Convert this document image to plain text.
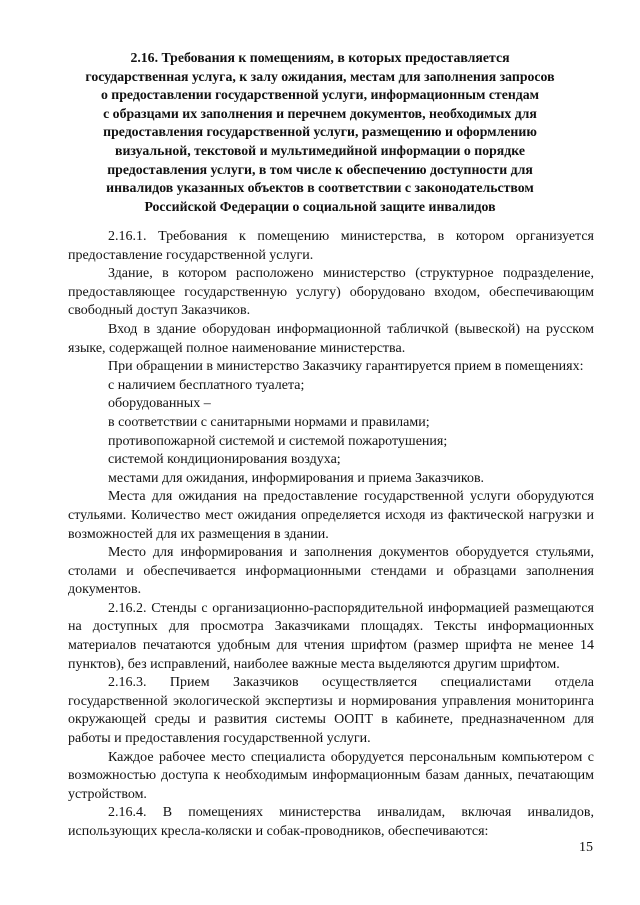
2.16. Требования к помещениям, в которых предоставляется
государственная услуга, к залу ожидания, местам для заполнения запросов
о предоставлении государственной услуги, информационным стендам
с образцами их заполнения и перечнем документов, необходимых для
предоставления государственной услуги, размещению и оформлению
визуальной, текстовой и мультимедийной информации о порядке
предоставления услуги, в том числе к обеспечению доступности для
инвалидов указанных объектов в соответствии с законодательством
Российской Федерации о социальной защите инвалидов

2.16.1. Требования к помещению министерства, в котором организуется предоставление государственной услуги.

Здание, в котором расположено министерство (структурное подразделение, предоставляющее государственную услугу) оборудовано входом, обеспечивающим свободный доступ Заказчиков.

Вход в здание оборудован информационной табличкой (вывеской) на русском языке, содержащей полное наименование министерства.

При обращении в министерство Заказчику гарантируется прием в помещениях:

с наличием бесплатного туалета;

оборудованных –

в соответствии с санитарными нормами и правилами;

противопожарной системой и системой пожаротушения;

системой кондиционирования воздуха;

местами для ожидания, информирования и приема Заказчиков.

Места для ожидания на предоставление государственной услуги оборудуются стульями. Количество мест ожидания определяется исходя из фактической нагрузки и возможностей для их размещения в здании.

Место для информирования и заполнения документов оборудуется стульями, столами и обеспечивается информационными стендами и образцами заполнения документов.

2.16.2. Стенды с организационно-распорядительной информацией размещаются на доступных для просмотра Заказчиками площадях. Тексты информационных материалов печатаются удобным для чтения шрифтом (размер шрифта не менее 14 пунктов), без исправлений, наиболее важные места выделяются другим шрифтом.

2.16.3. Прием Заказчиков осуществляется специалистами отдела государственной экологической экспертизы и нормирования управления мониторинга окружающей среды и развития системы ООПТ в кабинете, предназначенном для работы и предоставления государственной услуги.

Каждое рабочее место специалиста оборудуется персональным компьютером с возможностью доступа к необходимым информационным базам данных, печатающим устройством.

2.16.4. В помещениях министерства инвалидам, включая инвалидов, использующих кресла-коляски и собак-проводников, обеспечиваются:

15
